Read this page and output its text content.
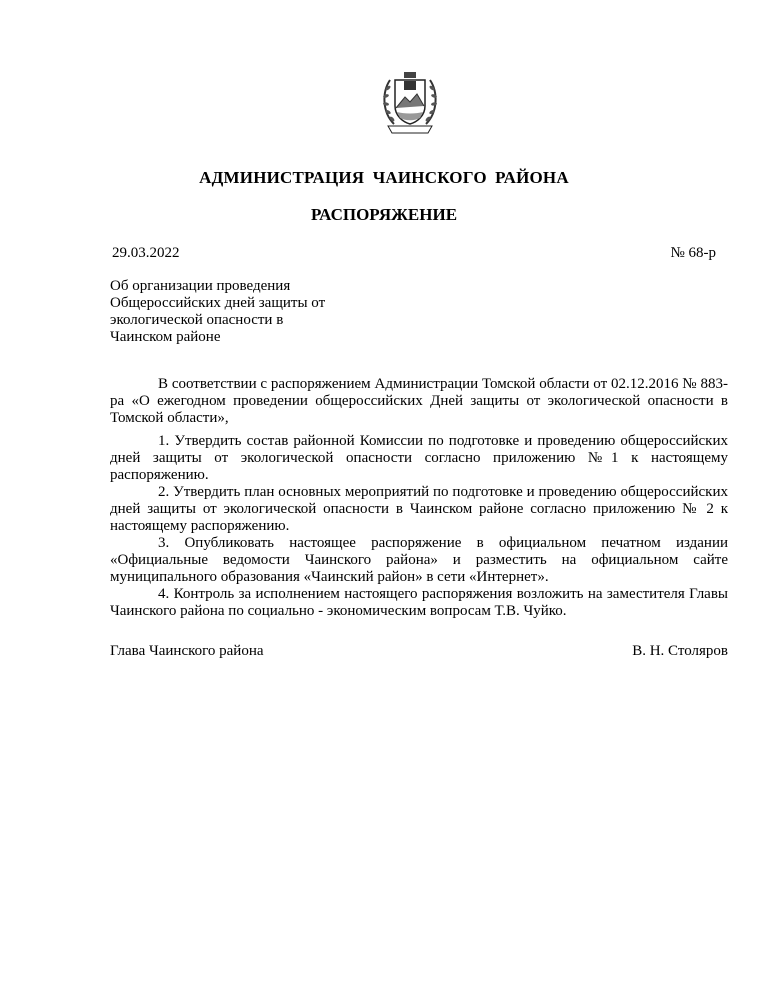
АДМИНИСТРАЦИЯ ЧАИНСКОГО РАЙОНА
РАСПОРЯЖЕНИЕ
29.03.2022	№ 68-р
Об организации проведения
Общероссийских дней защиты от
экологической опасности в
Чаинском районе

В соответствии с распоряжением Администрации Томской области от 02.12.2016 № 883-ра «О ежегодном проведении общероссийских Дней защиты от экологической опасности в Томской области»,

1. Утвердить состав районной Комиссии по подготовке и проведению общероссийских дней защиты от экологической опасности согласно приложению №1 к настоящему распоряжению.

2. Утвердить план основных мероприятий по подготовке и проведению общероссийских дней защиты от экологической опасности в Чаинском районе согласно приложению № 2 к настоящему распоряжению.

3. Опубликовать настоящее распоряжение в официальном печатном издании «Официальные ведомости Чаинского района» и разместить на официальном сайте муниципального образования «Чаинский район» в сети «Интернет».

4. Контроль за исполнением настоящего распоряжения возложить на заместителя Главы Чаинского района по социально - экономическим вопросам Т.В. Чуйко.

Глава Чаинского района	В. Н. Столяров
